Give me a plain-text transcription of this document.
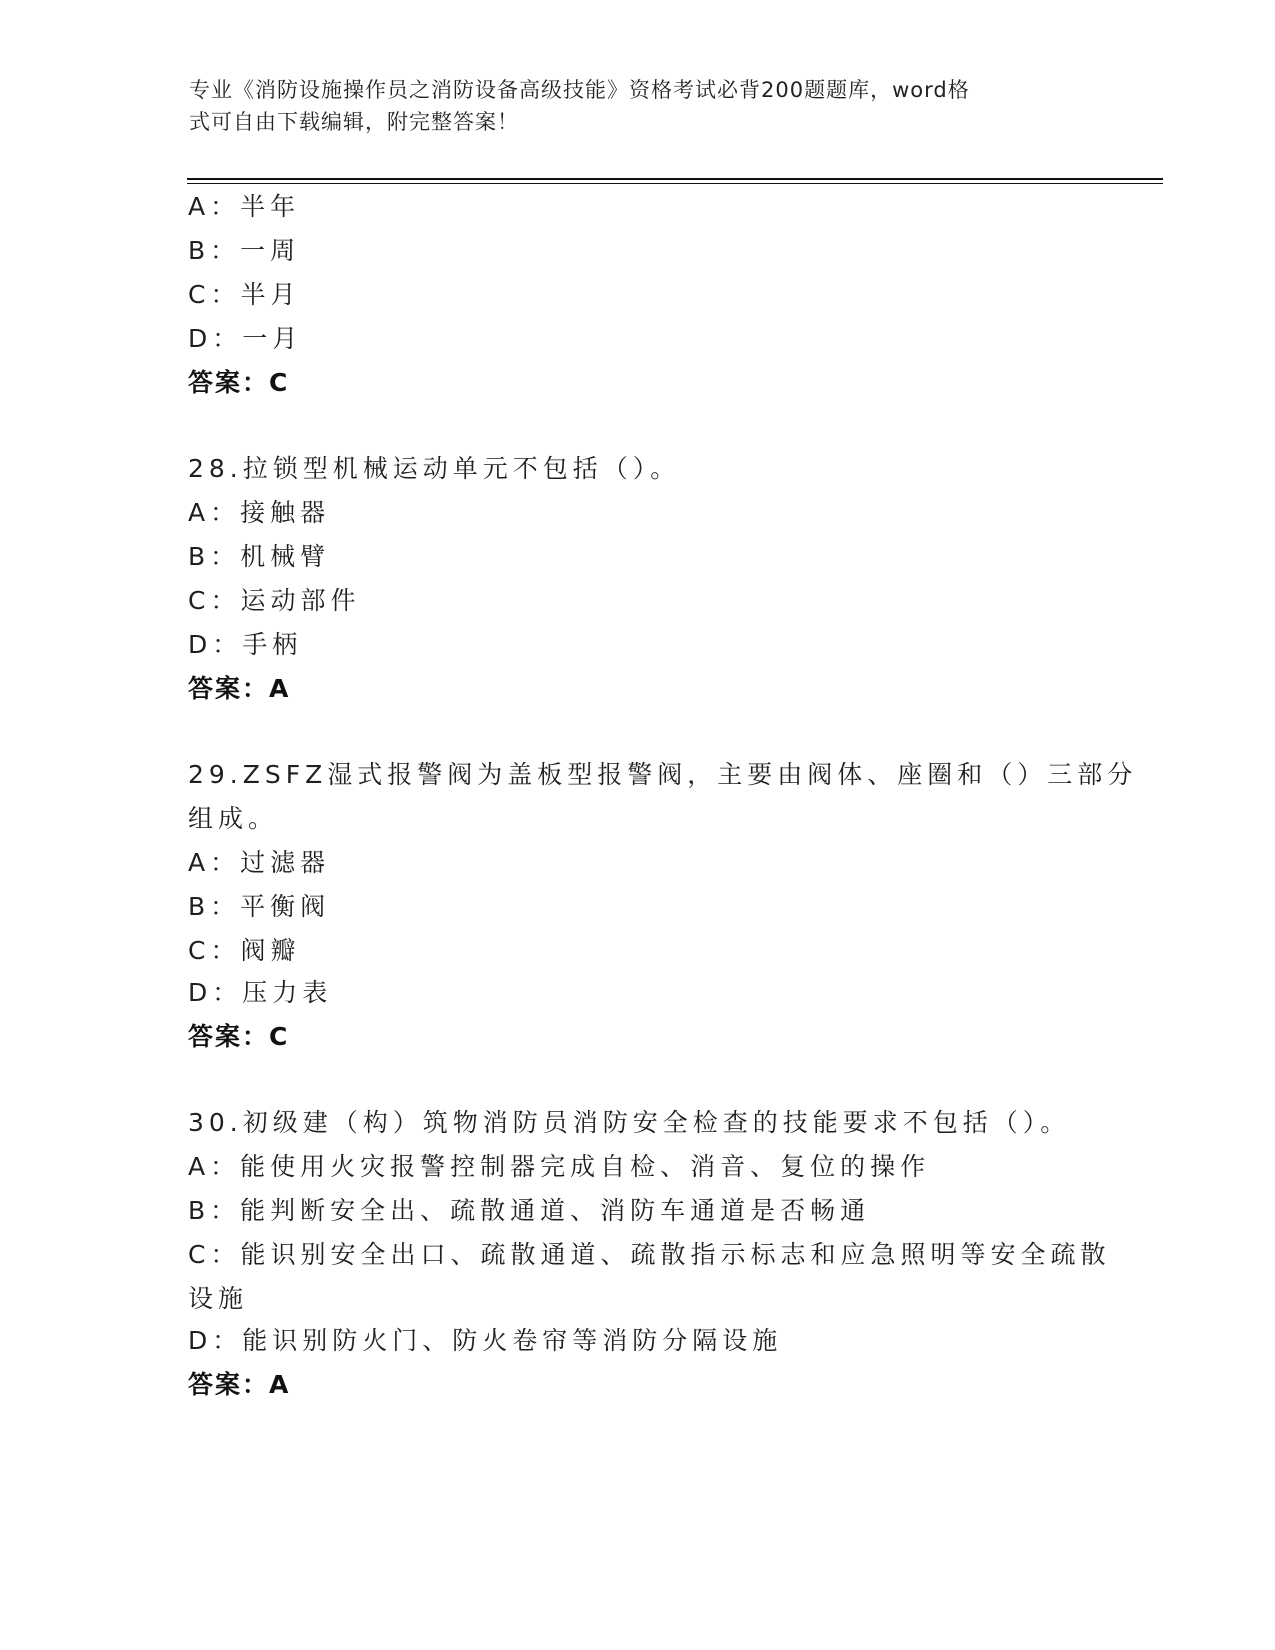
专业《消防设施操作员之消防设备高级技能》资格考试必背200题题库，word格
式可自由下载编辑，附完整答案！
A：半年
B：一周
C：半月
D：一月
答案：C
28.拉锁型机械运动单元不包括（）。
A：接触器
B：机械臂
C：运动部件
D：手柄
答案：A
29.ZSFZ湿式报警阀为盖板型报警阀，主要由阀体、座圈和（）三部分
组成。
A：过滤器
B：平衡阀
C：阀瓣
D：压力表
答案：C
30.初级建（构）筑物消防员消防安全检查的技能要求不包括（）。
A：能使用火灾报警控制器完成自检、消音、复位的操作
B：能判断安全出、疏散通道、消防车通道是否畅通
C：能识别安全出口、疏散通道、疏散指示标志和应急照明等安全疏散
设施
D：能识别防火门、防火卷帘等消防分隔设施
答案：A
